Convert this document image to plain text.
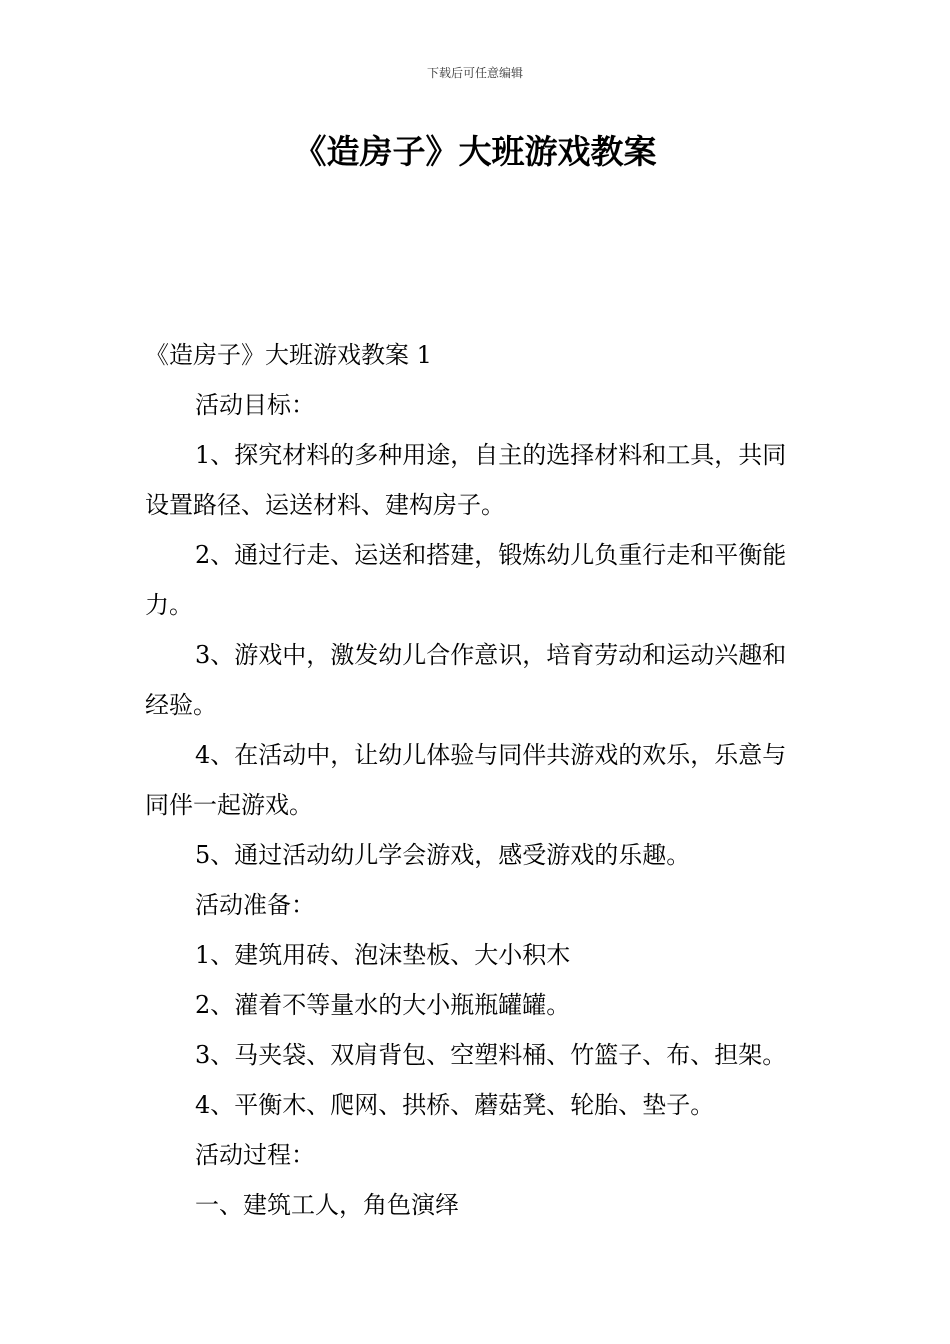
下载后可任意编辑
《造房子》大班游戏教案

《造房子》大班游戏教案 1

活动目标：

1、探究材料的多种用途，自主的选择材料和工具，共同设置路径、运送材料、建构房子。

2、通过行走、运送和搭建，锻炼幼儿负重行走和平衡能力。

3、游戏中，激发幼儿合作意识，培育劳动和运动兴趣和经验。

4、在活动中，让幼儿体验与同伴共游戏的欢乐，乐意与同伴一起游戏。

5、通过活动幼儿学会游戏，感受游戏的乐趣。

活动准备：

1、建筑用砖、泡沫垫板、大小积木

2、灌着不等量水的大小瓶瓶罐罐。

3、马夹袋、双肩背包、空塑料桶、竹篮子、布、担架。

4、平衡木、爬网、拱桥、蘑菇凳、轮胎、垫子。

活动过程：

一、建筑工人，角色演绎
